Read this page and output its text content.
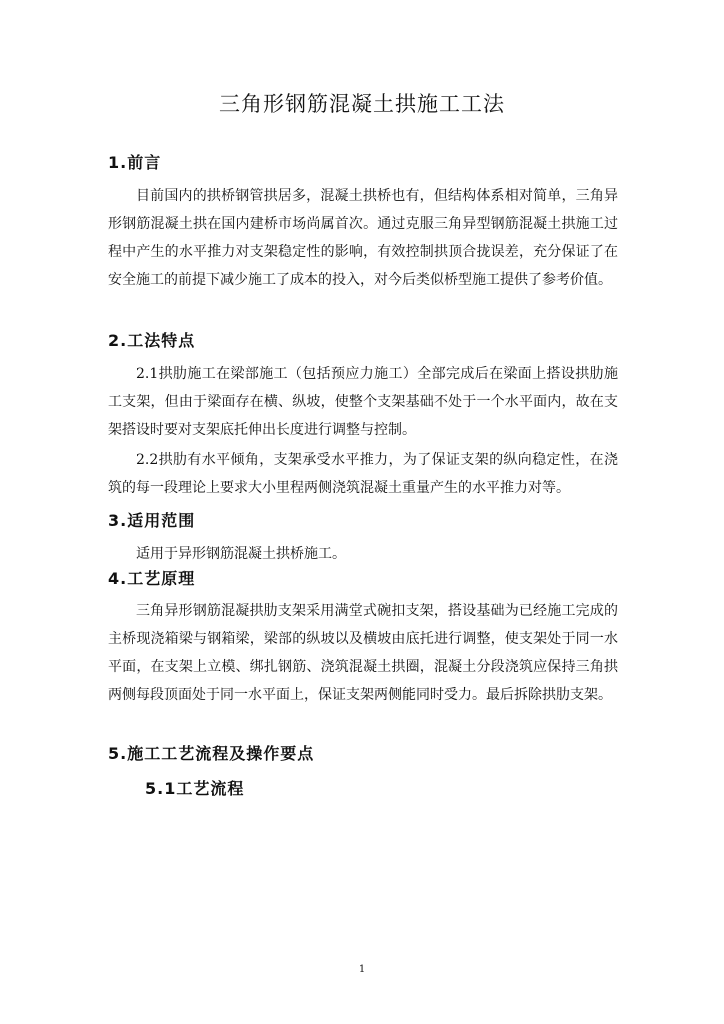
三角形钢筋混凝土拱施工工法
1.前言

目前国内的拱桥钢管拱居多，混凝土拱桥也有，但结构体系相对简单，三角异形钢筋混凝土拱在国内建桥市场尚属首次。通过克服三角异型钢筋混凝土拱施工过程中产生的水平推力对支架稳定性的影响，有效控制拱顶合拢误差，充分保证了在安全施工的前提下减少施工了成本的投入，对今后类似桥型施工提供了参考价值。

2.工法特点

2.1拱肋施工在梁部施工（包括预应力施工）全部完成后在梁面上搭设拱肋施工支架，但由于梁面存在横、纵坡，使整个支架基础不处于一个水平面内，故在支架搭设时要对支架底托伸出长度进行调整与控制。

2.2拱肋有水平倾角，支架承受水平推力，为了保证支架的纵向稳定性，在浇筑的每一段理论上要求大小里程两侧浇筑混凝土重量产生的水平推力对等。

3.适用范围

适用于异形钢筋混凝土拱桥施工。

4.工艺原理

三角异形钢筋混凝拱肋支架采用满堂式碗扣支架，搭设基础为已经施工完成的主桥现浇箱梁与钢箱梁，梁部的纵坡以及横坡由底托进行调整，使支架处于同一水平面，在支架上立模、绑扎钢筋、浇筑混凝土拱圈，混凝土分段浇筑应保持三角拱两侧每段顶面处于同一水平面上，保证支架两侧能同时受力。最后拆除拱肋支架。

5.施工工艺流程及操作要点
5.1工艺流程

1
